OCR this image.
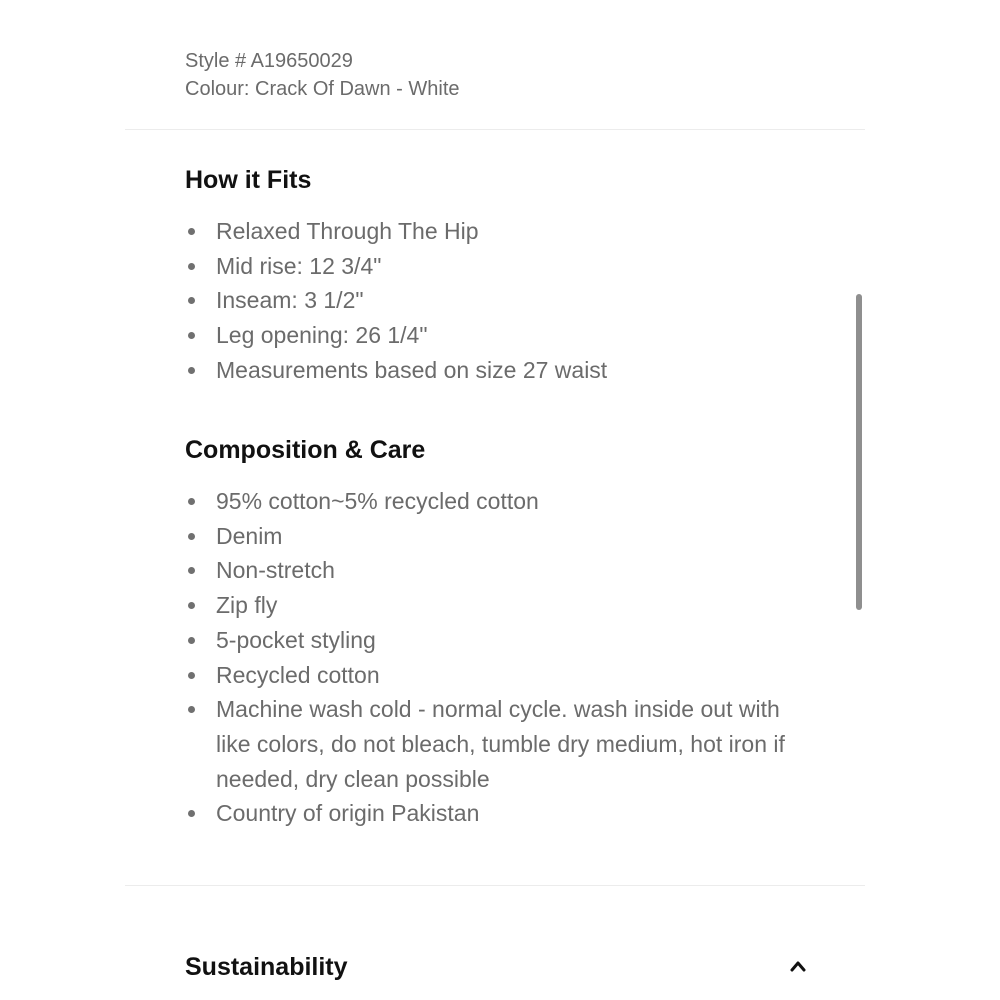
Style # A19650029
Colour: Crack Of Dawn - White
How it Fits
Relaxed Through The Hip
Mid rise: 12 3/4"
Inseam: 3 1/2"
Leg opening: 26 1/4"
Measurements based on size 27 waist
Composition & Care
95% cotton~5% recycled cotton
Denim
Non-stretch
Zip fly
5-pocket styling
Recycled cotton
Machine wash cold - normal cycle. wash inside out with like colors, do not bleach, tumble dry medium, hot iron if needed, dry clean possible
Country of origin Pakistan
Sustainability
